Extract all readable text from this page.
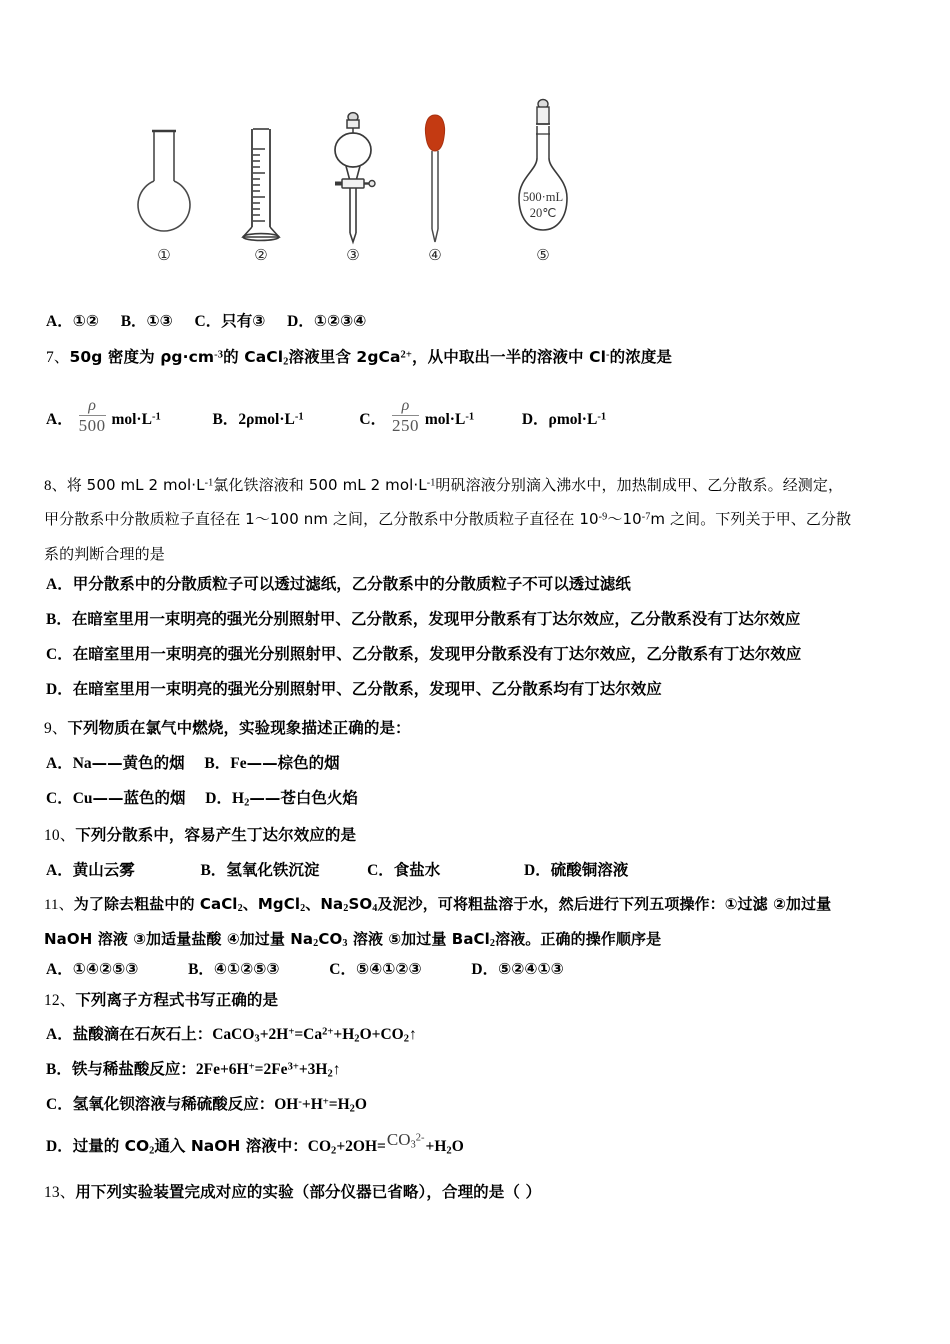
①	②	③	④
500·mL
20℃
⑤
A．①② B．①③ C．只有③ D．①②③④
7、50g 密度为 $\rho g\cdot cm^{-3}$的 CaCl$_2$溶液里含 2gCa$^{2+}$，从中取出一半的溶液中 Cl-的浓度是
A． $\frac{\rho}{500} mol\cdot L^{-1}$	B．$2\rho mol\cdot L^{-1}$	C． $\frac{\rho}{250} mol\cdot L^{-1}$	D．$\rho mol\cdot L^{-1}$
8、将 500 mL 2 $mol\cdot L^{-1}$氯化铁溶液和 500 mL 2 $mol\cdot L^{-1}$明矾溶液分别滴入沸水中，加热制成甲、乙分散系。经测定，
甲分散系中分散质粒子直径在 1～100 nm 之间，乙分散系中分散质粒子直径在 $10^{-9}\sim 10^{-7}m$ 之间。下列关于甲、乙分散
系的判断合理的是
A．甲分散系中的分散质粒子可以透过滤纸，乙分散系中的分散质粒子不可以透过滤纸
B．在暗室里用一束明亮的强光分别照射甲、乙分散系，发现甲分散系有丁达尔效应，乙分散系没有丁达尔效应
C．在暗室里用一束明亮的强光分别照射甲、乙分散系，发现甲分散系没有丁达尔效应，乙分散系有丁达尔效应
D．在暗室里用一束明亮的强光分别照射甲、乙分散系，发现甲、乙分散系均有丁达尔效应
9、下列物质在氯气中燃烧，实验现象描述正确的是：
A．Na——黄色的烟 B．Fe——棕色的烟
C．Cu——蓝色的烟 D．$H_2——$苍白色火焰
10、下列分散系中，容易产生丁达尔效应的是
A．黄山云雾	B．氢氧化铁沉淀	C．食盐水	D．硫酸铜溶液
11、为了除去粗盐中的 CaCl$_2$、MgCl$_2$、$Na_2SO_4$及泥沙，可将粗盐溶于水，然后进行下列五项操作：①过滤 ②加过量
NaOH 溶液 ③加适量盐酸 ④加过量 $Na_2CO_3$ 溶液 ⑤加过量 BaCl$_2$溶液。正确的操作顺序是
A．①④②⑤③	B．④①②⑤③	C．⑤④①②③	D．⑤②④①③
12、下列离子方程式书写正确的是
A．盐酸滴在石灰石上：$CaCO_3+2H^+=Ca^{2+}+H_2O+CO_2↑$
B．铁与稀盐酸反应：$2Fe+6H^+=2Fe^{3+}+3H_2↑$
C．氢氧化钡溶液与稀硫酸反应：$OH^-+H^+=H_2O$
D．过量的 $CO_2$通入 NaOH 溶液中：$CO_2+2OH=CO_3^{2-}+H_2O$
13、用下列实验装置完成对应的实验（部分仪器已省略），合理的是（ ）
